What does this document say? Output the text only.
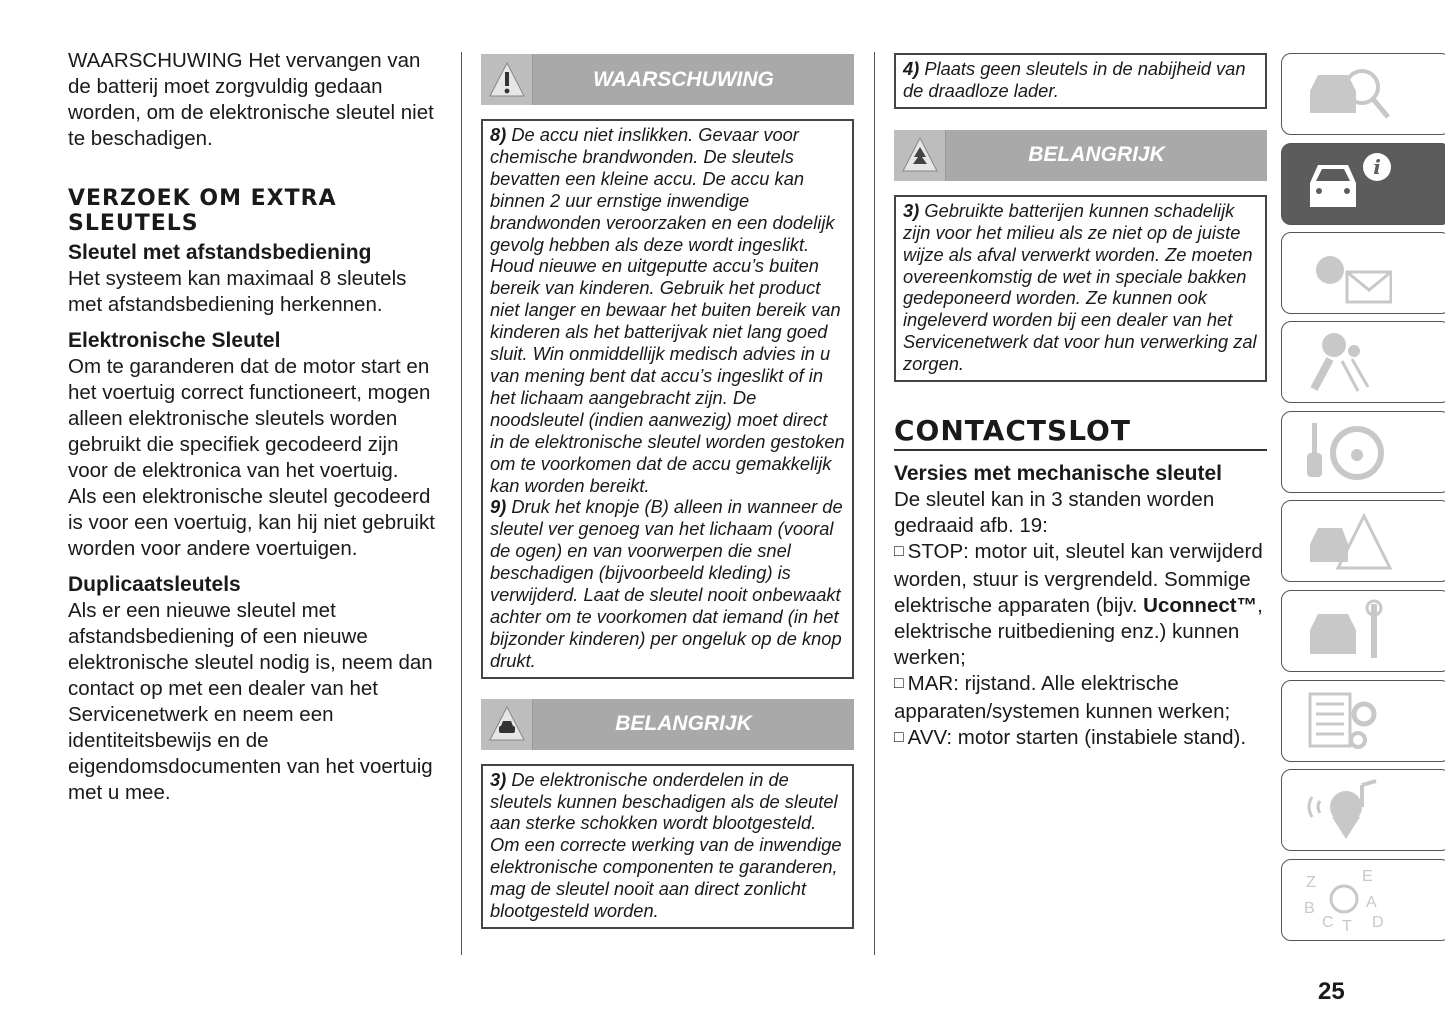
WAARSCHUWING Het vervangen van de batterij moet zorgvuldig gedaan worden, om de elektronische sleutel niet te beschadigen.

VERZOEK OM EXTRA SLEUTELS
Sleutel met afstandsbediening

Het systeem kan maximaal 8 sleutels met afstandsbediening herkennen.

Elektronische Sleutel

Om te garanderen dat de motor start en het voertuig correct functioneert, mogen alleen elektronische sleutels worden gebruikt die specifiek gecodeerd zijn voor de elektronica van het voertuig.

Als een elektronische sleutel gecodeerd is voor een voertuig, kan hij niet gebruikt worden voor andere voertuigen.

Duplicaatsleutels

Als er een nieuwe sleutel met afstandsbediening of een nieuwe elektronische sleutel nodig is, neem dan contact op met een dealer van het Servicenetwerk en neem een identiteitsbewijs en de eigendomsdocumenten van het voertuig met u mee.

WAARSCHUWING

8) De accu niet inslikken. Gevaar voor chemische brandwonden. De sleutels bevatten een kleine accu. De accu kan binnen 2 uur ernstige inwendige brandwonden veroorzaken en een dodelijk gevolg hebben als deze wordt ingeslikt. Houd nieuwe en uitgeputte accu’s buiten bereik van kinderen. Gebruik het product niet langer en bewaar het buiten bereik van kinderen als het batterijvak niet lang goed sluit. Win onmiddellijk medisch advies in u van mening bent dat accu’s ingeslikt of in het lichaam aangebracht zijn. De noodsleutel (indien aanwezig) moet direct in de elektronische sleutel worden gestoken om te voorkomen dat de accu gemakkelijk kan worden bereikt.

9) Druk het knopje (B) alleen in wanneer de sleutel ver genoeg van het lichaam (vooral de ogen) en van voorwerpen die snel beschadigen (bijvoorbeeld kleding) is verwijderd. Laat de sleutel nooit onbewaakt achter om te voorkomen dat iemand (in het bijzonder kinderen) per ongeluk op de knop drukt.

BELANGRIJK

3) De elektronische onderdelen in de sleutels kunnen beschadigen als de sleutel aan sterke schokken wordt blootgesteld. Om een correcte werking van de inwendige elektronische componenten te garanderen, mag de sleutel nooit aan direct zonlicht blootgesteld worden.

4) Plaats geen sleutels in de nabijheid van de draadloze lader.

BELANGRIJK

3) Gebruikte batterijen kunnen schadelijk zijn voor het milieu als ze niet op de juiste wijze als afval verwerkt worden. Ze moeten overeenkomstig de wet in speciale bakken gedeponeerd worden. Ze kunnen ook ingeleverd worden bij een dealer van het Servicenetwerk dat voor hun verwerking zal zorgen.

CONTACTSLOT
Versies met mechanische sleutel

De sleutel kan in 3 standen worden gedraaid afb. 19:

□ STOP: motor uit, sleutel kan verwijderd worden, stuur is vergrendeld. Sommige elektrische apparaten (bijv. Uconnect™, elektrische ruitbediening enz.) kunnen werken;

□ MAR: rijstand. Alle elektrische apparaten/systemen kunnen werken;

□ AVV: motor starten (instabiele stand).

i
Z	E B	A C T D
25
